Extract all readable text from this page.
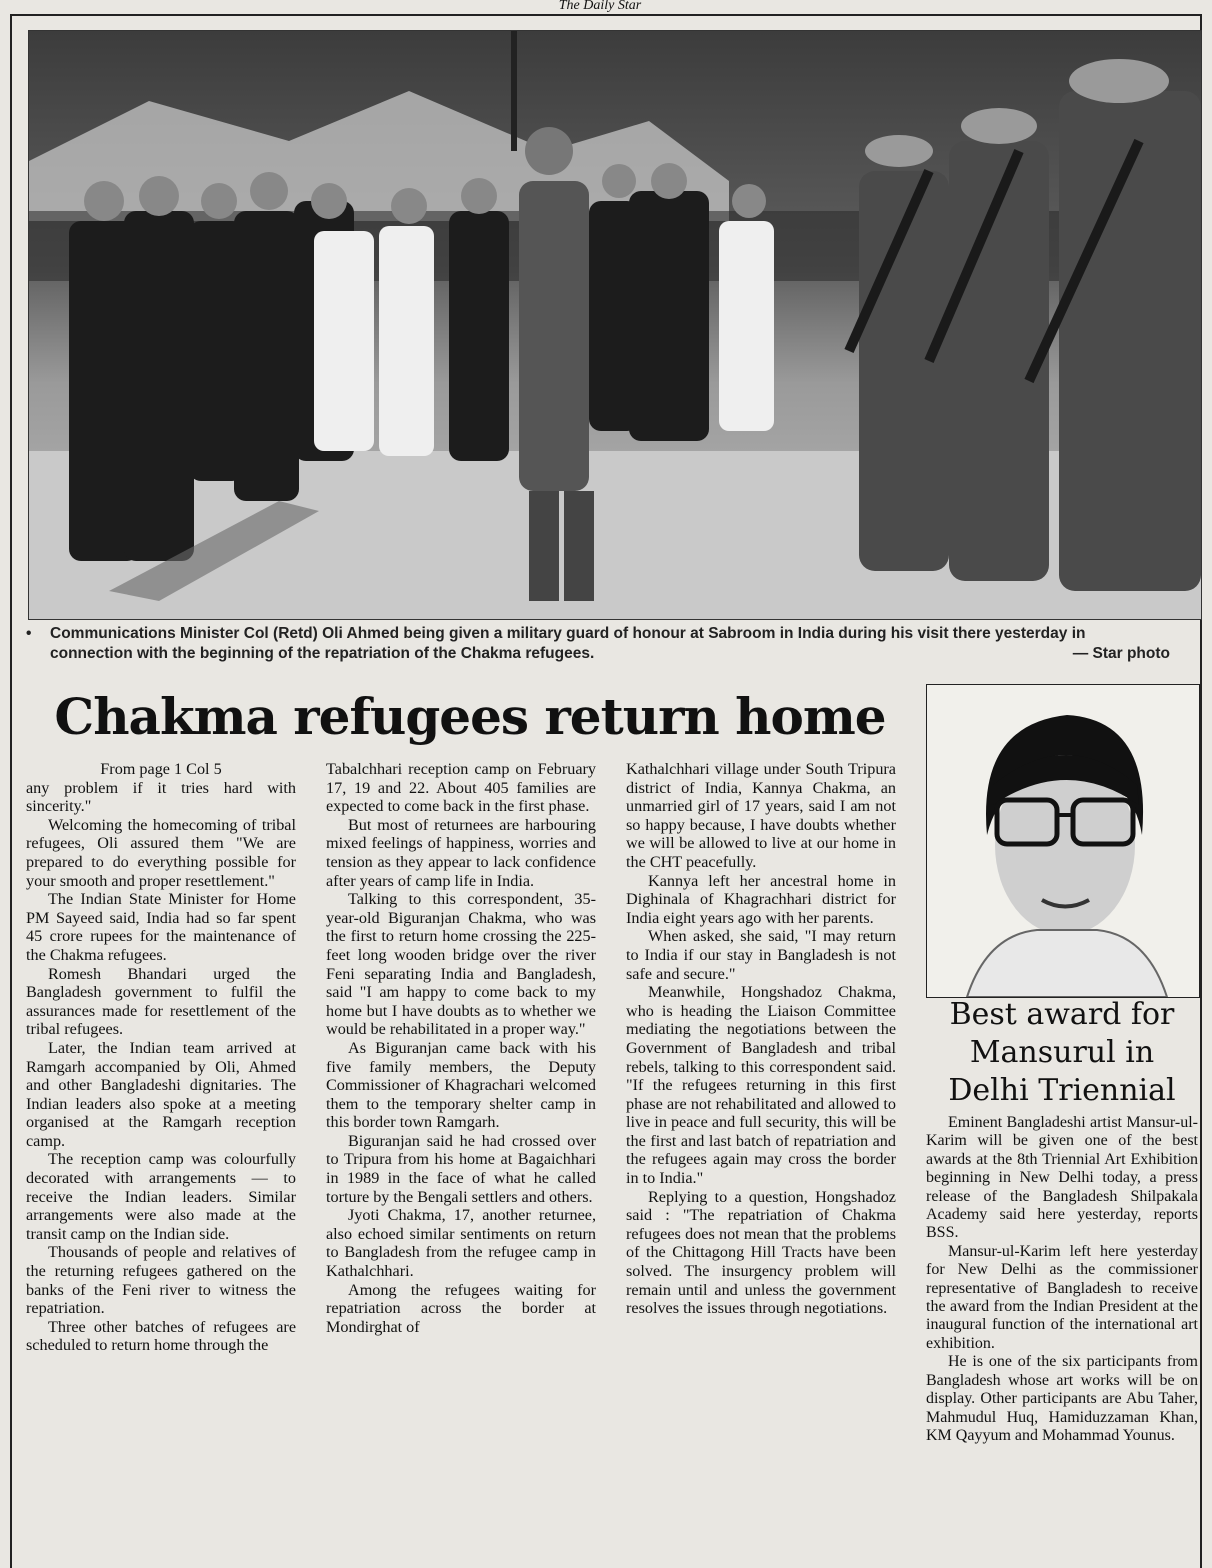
The Daily Star
•	Communications Minister Col (Retd) Oli Ahmed being given a military guard of honour at Sabroom in India during his visit there yesterday in connection with the beginning of the repatriation of the Chakma refugees.	— Star photo
Chakma refugees return home

From page 1 Col 5

any problem if it tries hard with sincerity."

Welcoming the homecoming of tribal refugees, Oli assured them "We are prepared to do everything possible for your smooth and proper resettlement."

The Indian State Minister for Home PM Sayeed said, India had so far spent 45 crore rupees for the maintenance of the Chakma refugees.

Romesh Bhandari urged the Bangladesh government to fulfil the assurances made for resettlement of the tribal refugees.

Later, the Indian team arrived at Ramgarh accompanied by Oli, Ahmed and other Bangladeshi dignitaries. The Indian leaders also spoke at a meeting organised at the Ramgarh reception camp.

The reception camp was colourfully decorated with arrangements — to receive the Indian leaders. Similar arrangements were also made at the transit camp on the Indian side.

Thousands of people and relatives of the returning refugees gathered on the banks of the Feni river to witness the repatriation.

Three other batches of refugees are scheduled to return home through the

Tabalchhari reception camp on February 17, 19 and 22. About 405 families are expected to come back in the first phase.

But most of returnees are harbouring mixed feelings of happiness, worries and tension as they appear to lack confidence after years of camp life in India.

Talking to this correspondent, 35-year-old Biguranjan Chakma, who was the first to return home crossing the 225-feet long wooden bridge over the river Feni separating India and Bangladesh, said "I am happy to come back to my home but I have doubts as to whether we would be rehabilitated in a proper way."

As Biguranjan came back with his five family members, the Deputy Commissioner of Khagrachari welcomed them to the temporary shelter camp in this border town Ramgarh.

Biguranjan said he had crossed over to Tripura from his home at Bagaichhari in 1989 in the face of what he called torture by the Bengali settlers and others.

Jyoti Chakma, 17, another returnee, also echoed similar sentiments on return to Bangladesh from the refugee camp in Kathalchhari.

Among the refugees waiting for repatriation across the border at Mondirghat of

Kathalchhari village under South Tripura district of India, Kannya Chakma, an unmarried girl of 17 years, said I am not so happy because, I have doubts whether we will be allowed to live at our home in the CHT peacefully.

Kannya left her ancestral home in Dighinala of Khagrachhari district for India eight years ago with her parents.

When asked, she said, "I may return to India if our stay in Bangladesh is not safe and secure."

Meanwhile, Hongshadoz Chakma, who is heading the Liaison Committee mediating the negotiations between the Government of Bangladesh and tribal rebels, talking to this correspondent said. "If the refugees returning in this first phase are not rehabilitated and allowed to live in peace and full security, this will be the first and last batch of repatriation and the refugees again may cross the border in to India."

Replying to a question, Hongshadoz said : "The repatriation of Chakma refugees does not mean that the problems of the Chittagong Hill Tracts have been solved. The insurgency problem will remain until and unless the government resolves the issues through negotiations.

Best award for Mansurul in Delhi Triennial

Eminent Bangladeshi artist Mansur-ul-Karim will be given one of the best awards at the 8th Triennial Art Exhibition beginning in New Delhi today, a press release of the Bangladesh Shilpakala Academy said here yesterday, reports BSS.

Mansur-ul-Karim left here yesterday for New Delhi as the commissioner representative of Bangladesh to receive the award from the Indian President at the inaugural function of the international art exhibition.

He is one of the six participants from Bangladesh whose art works will be on display. Other participants are Abu Taher, Mahmudul Huq, Hamiduzzaman Khan, KM Qayyum and Mohammad Younus.
